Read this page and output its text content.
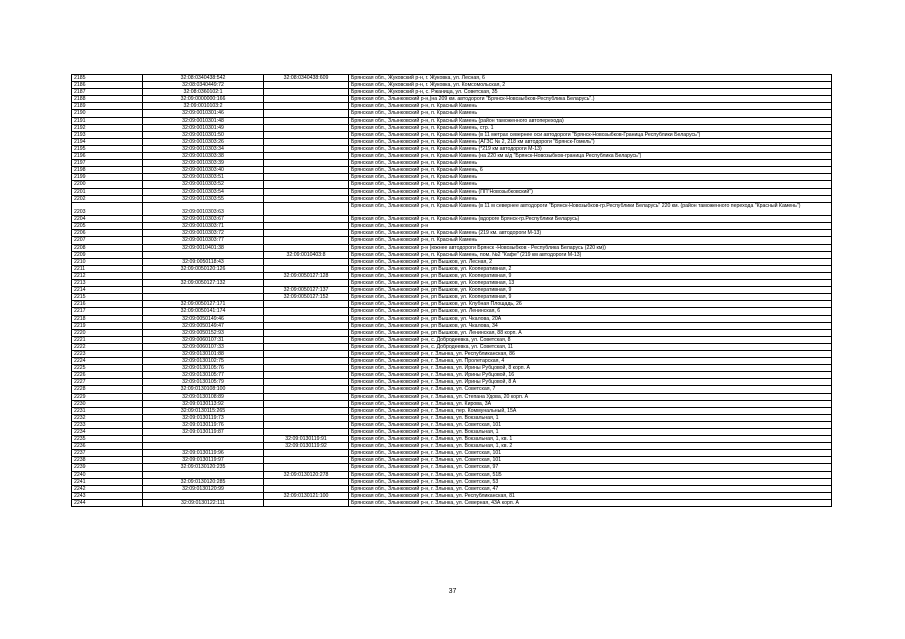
2185	32:08:0340438:542	32:08:0340438:609	Брянская обл., Жуковский р-н, г. Жуковка, ул. Лесная, 6
2186	32:08:0340449:72		Брянская обл., Жуковский р-н, г. Жуковка, ул. Комсомольская, 2
2187	32:08:0360102:1		Брянская обл., Жуковский р-н, с. Ржаница, ул. Советская, 35
2188	32:09:0000000:166		Брянская обл., Злынковский р-н,(на 209 км. автодороги "Брянск-Новозыбков-Республика Беларусь".)
2189	32:09:0010103:2		Брянская обл., Злынковский р-н, п. Красный Камень
2190	32:09:0010301:46		Брянская обл., Злынковский р-н, п. Красный Камень
2191	32:09:0010301:48		Брянская обл., Злынковский р-н, п. Красный Камень (район таможенного автоперехода)
2192	32:09:0010301:49		Брянская обл., Злынковский р-н, п. Красный Камень, стр. 1
2193	32:09:0010301:50		Брянская обл., Злынковский р-н, п. Красный Камень (в 11 метрах севернее оси автодороги "Брянск-Новозыбков-Граница Республики Беларусь")
2194	32:09:0010303:26		Брянская обл., Злынковский р-н, п. Красный Камень (АГЗС № 2, 218 км автодороги "Брянск-Гомель")
2195	32:09:0010303:34		Брянская обл., Злынковский р-н, п. Красный Камень (*219 км автодороги М-13)
2196	32:09:0010303:38		Брянская обл., Злынковский р-н, п. Красный Камень (на 220 км а/д "Брянск-Новозыбков-граница Республика Беларусь")
2197	32:09:0010303:39		Брянская обл., Злынковский р-н, п. Красный Камень
2198	32:09:0010303:40		Брянская обл., Злынковский р-н, п. Красный Камень, 6
2199	32:09:0010303:51		Брянская обл., Злынковский р-н, п. Красный Камень
2200	32:09:0010303:52		Брянская обл., Злынковский р-н, п. Красный Камень
2201	32:09:0010303:54		Брянская обл., Злынковский р-н, п. Красный Камень (ПП"Новозыбковский")
2202	32:09:0010303:55		Брянская обл., Злынковский р-н, п. Красный Камень
2203	32:09:0010303:63		Брянская обл., Злынковский р-н, п. Красный Камень (в 11 м севернее автодороги "Брянск-Новозыбков-гр.Республики Беларусь" 220 км. (район таможенного перехода "Красный Камень")
2204	32:09:0010303:67		Брянская обл., Злынковский р-н, п. Красный Камень (вдороге Брянск-гр.Республики Беларусь)
2205	32:09:0010303:71		Брянская обл., Злынковский р-н
2206	32:09:0010303:72		Брянская обл., Злынковский р-н, п. Красный Камень (219 км. автодороги М-13)
2207	32:09:0010303:77		Брянская обл., Злынковский р-н, п. Красный Камень
2208	32:09:0010401:38		Брянская обл., Злынковский р-н (южнее автодороги Брянск -Новозыбков - Республика Беларусь (220 км))
2209		32:09:0010403:8	Брянская обл., Злынковский р-н, п. Красный Камень, пом. №2 "Кафе" (219 км автодороги М-13)
2210	32:09:0050118:43		Брянская обл., Злынковский р-н, рп Вышков, ул. Лесная, 2
2211	32:09:0050120:126		Брянская обл., Злынковский р-н, рп Вышков, ул. Кооперативная, 2
2212		32:09:0050127:128	Брянская обл., Злынковский р-н, рп Вышков, ул. Кооперативная, 9
2213	32:09:0050127:132		Брянская обл., Злынковский р-н, рп Вышков, ул. Кооперативная, 13
2214		32:09:0050127:137	Брянская обл., Злынковский р-н, рп Вышков, ул. Кооперативная, 9
2215		32:09:0050127:152	Брянская обл., Злынковский р-н, рп Вышков, ул. Кооперативная, 9
2216	32:09:0050127:171		Брянская обл., Злынковский р-н, рп Вышков, ул. Клубная Площадь, 26
2217	32:09:0050141:174		Брянская обл., Злынковский р-н, рп Вышков, ул. Ленинская, 6
2218	32:09:0050149:46		Брянская обл., Злынковский р-н, рп Вышков, ул. Чкалова, 20А
2219	32:09:0050149:47		Брянская обл., Злынковский р-н, рп Вышков, ул. Чкалова, 34
2220	32:09:0050152:93		Брянская обл., Злынковский р-н, рп Вышков, ул. Ленинская, 88 корп. А
2221	32:09:0060107:31		Брянская обл., Злынковский р-н, с. Добродеевка, ул. Советская, 8
2222	32:09:0060107:33		Брянская обл., Злынковский р-н, с. Добродеевка, ул. Советская, 11
2223	32:09:0130101:88		Брянская обл., Злынковский р-н, г. Злынка, ул. Республиканская, 86
2224	32:09:0130102:75		Брянская обл., Злынковский р-н, г. Злынка, ул. Пролетарская, 4
2225	32:09:0130105:76		Брянская обл., Злынковский р-н, г. Злынка, ул. Ирины Рубцовой, 8 корп. А
2226	32:09:0130105:77		Брянская обл., Злынковский р-н, г. Злынка, ул. Ирины Рубцовой, 16
2227	32:09:0130105:79		Брянская обл., Злынковский р-н, г. Злынка, ул. Ирины Рубцовой, 8 А
2228	32:09:0130108:100		Брянская обл., Злынковский р-н, г. Злынка, ул. Советская, 7
2229	32:09:0130108:89		Брянская обл., Злынковский р-н, г. Злынка, ул. Степана Удова, 20 корп. А
2230	32:09:0130113:92		Брянская обл., Злынковский р-н, г. Злынка, ул. Кирова, 3А
2231	32:09:0130115:265		Брянская обл., Злынковский р-н, г. Злынка, пер. Коммунальный, 15А
2232	32:09:0130119:73		Брянская обл., Злынковский р-н, г. Злынка, ул. Вокзальная, 1
2233	32:09:0130119:76		Брянская обл., Злынковский р-н, г. Злынка, ул. Советская, 101
2234	32:09:0130119:87		Брянская обл., Злынковский р-н, г. Злынка, ул. Вокзальная, 1
2235		32:09:0130119:91	Брянская обл., Злынковский р-н, г. Злынка, ул. Вокзальная, 1, кв. 1
2236		32:09:0130119:92	Брянская обл., Злынковский р-н, г. Злынка, ул. Вокзальная, 1, кв. 2
2237	32:09:0130119:96		Брянская обл., Злынковский р-н, г. Злынка, ул. Советская, 101
2238	32:09:0130119:97		Брянская обл., Злынковский р-н, г. Злынка, ул. Советская, 101
2239	32:09:0130120:235		Брянская обл., Злынковский р-н, г. Злынка, ул. Советская, 97
2240		32:09:0130120:278	Брянская обл., Злынковский р-н, г. Злынка, ул. Советская, 51Б
2241	32:09:0130120:285		Брянская обл., Злынковский р-н, г. Злынка, ул. Советская, 53
2242	32:09:0130120:99		Брянская обл., Злынковский р-н, г. Злынка, ул. Советская, 47
2243		32:09:0130121:100	Брянская обл., Злынковский р-н, г. Злынка, ул. Республиканская, 81
2244	32:09:0130122:111		Брянская обл., Злынковский р-н, г. Злынка, ул. Северная, 43А корп. А
37
